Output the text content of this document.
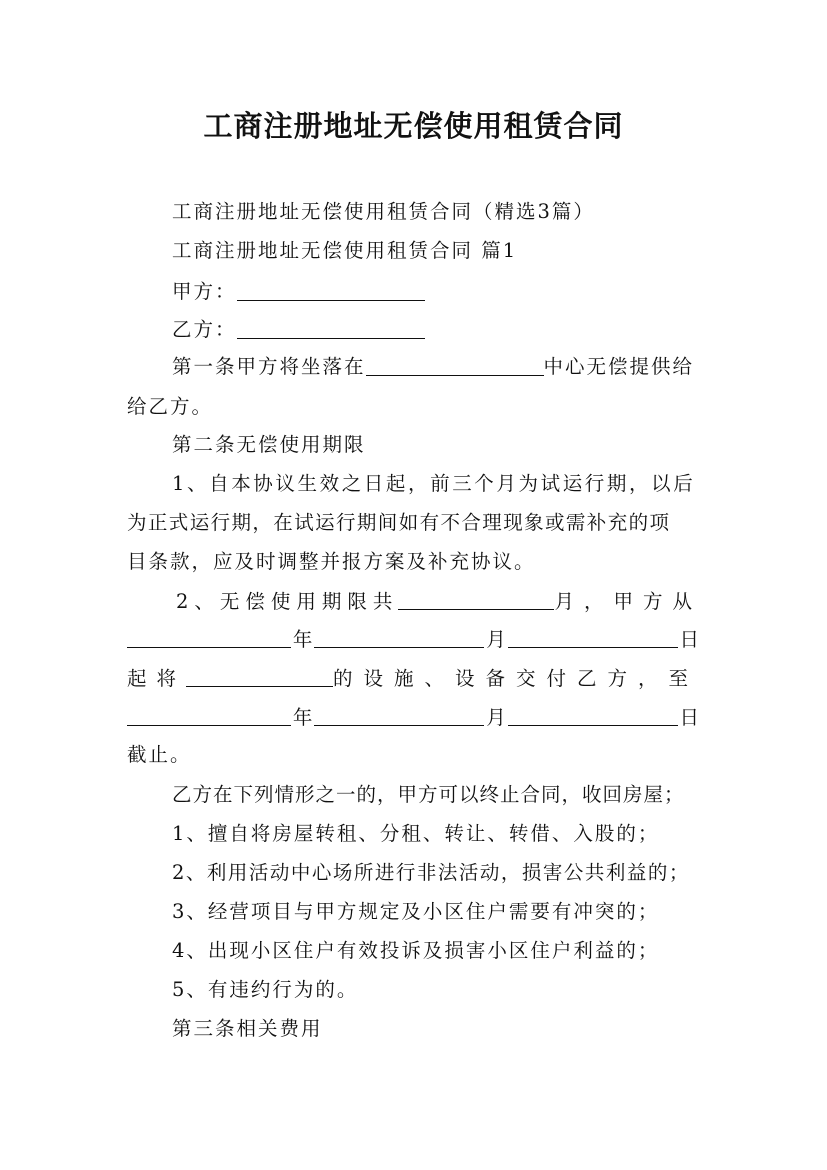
工商注册地址无偿使用租赁合同
工商注册地址无偿使用租赁合同（精选3篇）
工商注册地址无偿使用租赁合同 篇1
甲方：
乙方：
第一条甲方将坐落在	中心无偿提供给
给乙方。
第二条无偿使用期限
1、自本协议生效之日起，前三个月为试运行期，以后
为正式运行期，在试运行期间如有不合理现象或需补充的项
目条款，应及时调整并报方案及补充协议。
2、无偿使用期限共	月，甲方从
年	月	日
起将	的设施、设备交付乙方，至
年	月	日
截止。
乙方在下列情形之一的，甲方可以终止合同，收回房屋；
1、擅自将房屋转租、分租、转让、转借、入股的；
2、利用活动中心场所进行非法活动，损害公共利益的；
3、经营项目与甲方规定及小区住户需要有冲突的；
4、出现小区住户有效投诉及损害小区住户利益的；
5、有违约行为的。
第三条相关费用
